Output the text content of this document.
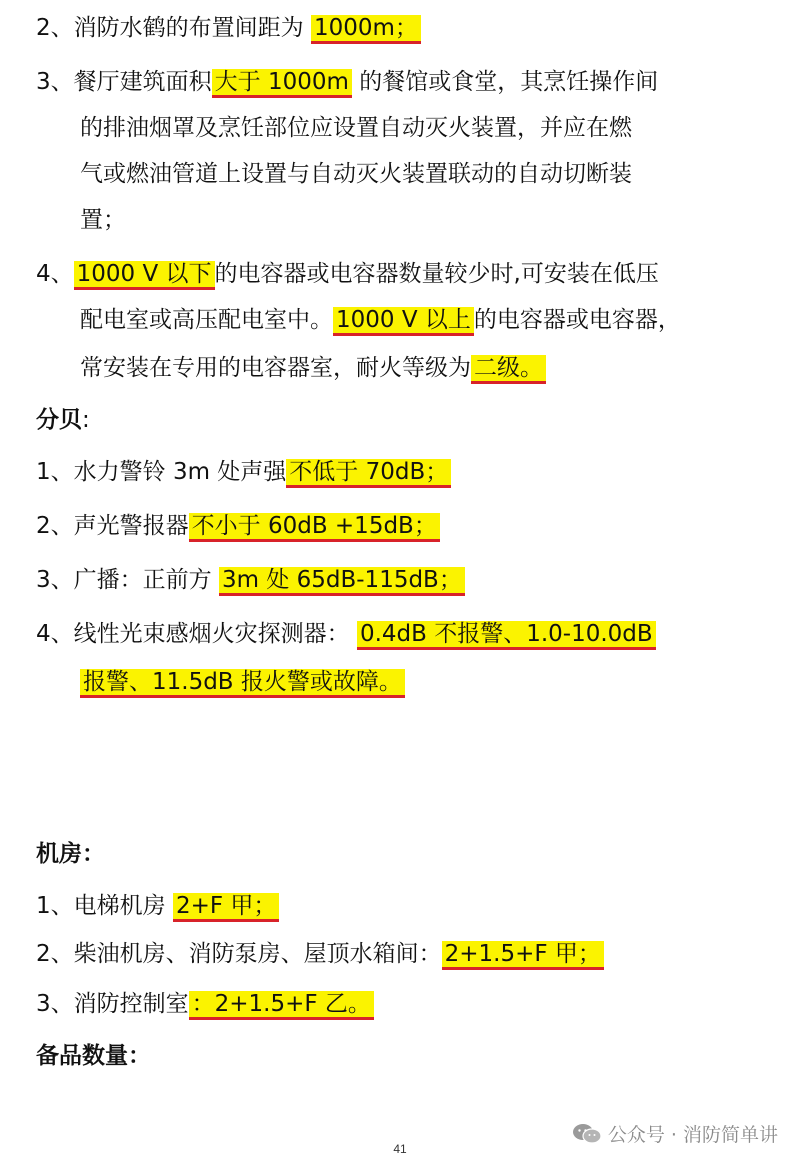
2、消防水鹤的布置间距为 1000m；
3、餐厅建筑面积 大于 1000m 的餐馆或食堂，其烹饪操作间
的排油烟罩及烹饪部位应设置自动灭火装置，并应在燃
气或燃油管道上设置与自动灭火装置联动的自动切断装
置；
4、 1000 V 以下 的电容器或电容器数量较少时,可安装在低压
配电室或高压配电室中。 1000 V 以上 的电容器或电容器，
常安装在专用的电容器室，耐火等级为 二级。
分贝:
1、水力警铃 3m 处声强 不低于 70dB；
2、声光警报器 不小于 60dB +15dB；
3、广播：正前方 3m 处 65dB-115dB；
4、线性光束感烟火灾探测器： 0.4dB 不报警、1.0-10.0dB
报警、11.5dB 报火警或故障。
机房：
1、电梯机房 2+F 甲；
2、柴油机房、消防泵房、屋顶水箱间： 2+1.5+F 甲；
3、消防控制室 ：2+1.5+F 乙。
备品数量：
公众号 · 消防简单讲
41
